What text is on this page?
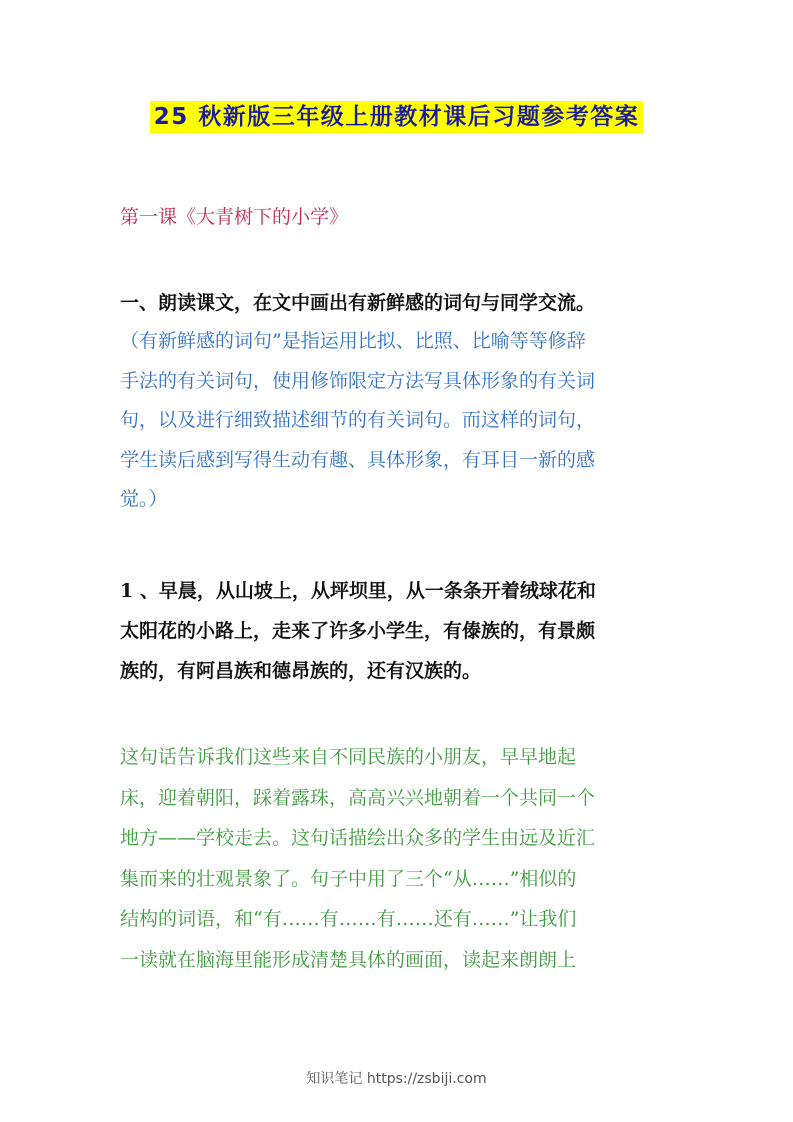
25 秋新版三年级上册教材课后习题参考答案
第一课《大青树下的小学》
一、朗读课文，在文中画出有新鲜感的词句与同学交流。
（有新鲜感的词句”是指运用比拟、比照、比喻等等修辞
手法的有关词句，使用修饰限定方法写具体形象的有关词
句，以及进行细致描述细节的有关词句。而这样的词句，
学生读后感到写得生动有趣、具体形象，有耳目一新的感
觉。）
1 、早晨，从山坡上，从坪坝里，从一条条开着绒球花和
太阳花的小路上，走来了许多小学生，有傣族的，有景颇
族的，有阿昌族和德昂族的，还有汉族的。
这句话告诉我们这些来自不同民族的小朋友，早早地起
床，迎着朝阳，踩着露珠，高高兴兴地朝着一个共同一个
地方——学校走去。这句话描绘出众多的学生由远及近汇
集而来的壮观景象了。句子中用了三个“从……”相似的
结构的词语，和“有……有……有……还有……”让我们
一读就在脑海里能形成清楚具体的画面，读起来朗朗上
知识笔记 https://zsbiji.com
